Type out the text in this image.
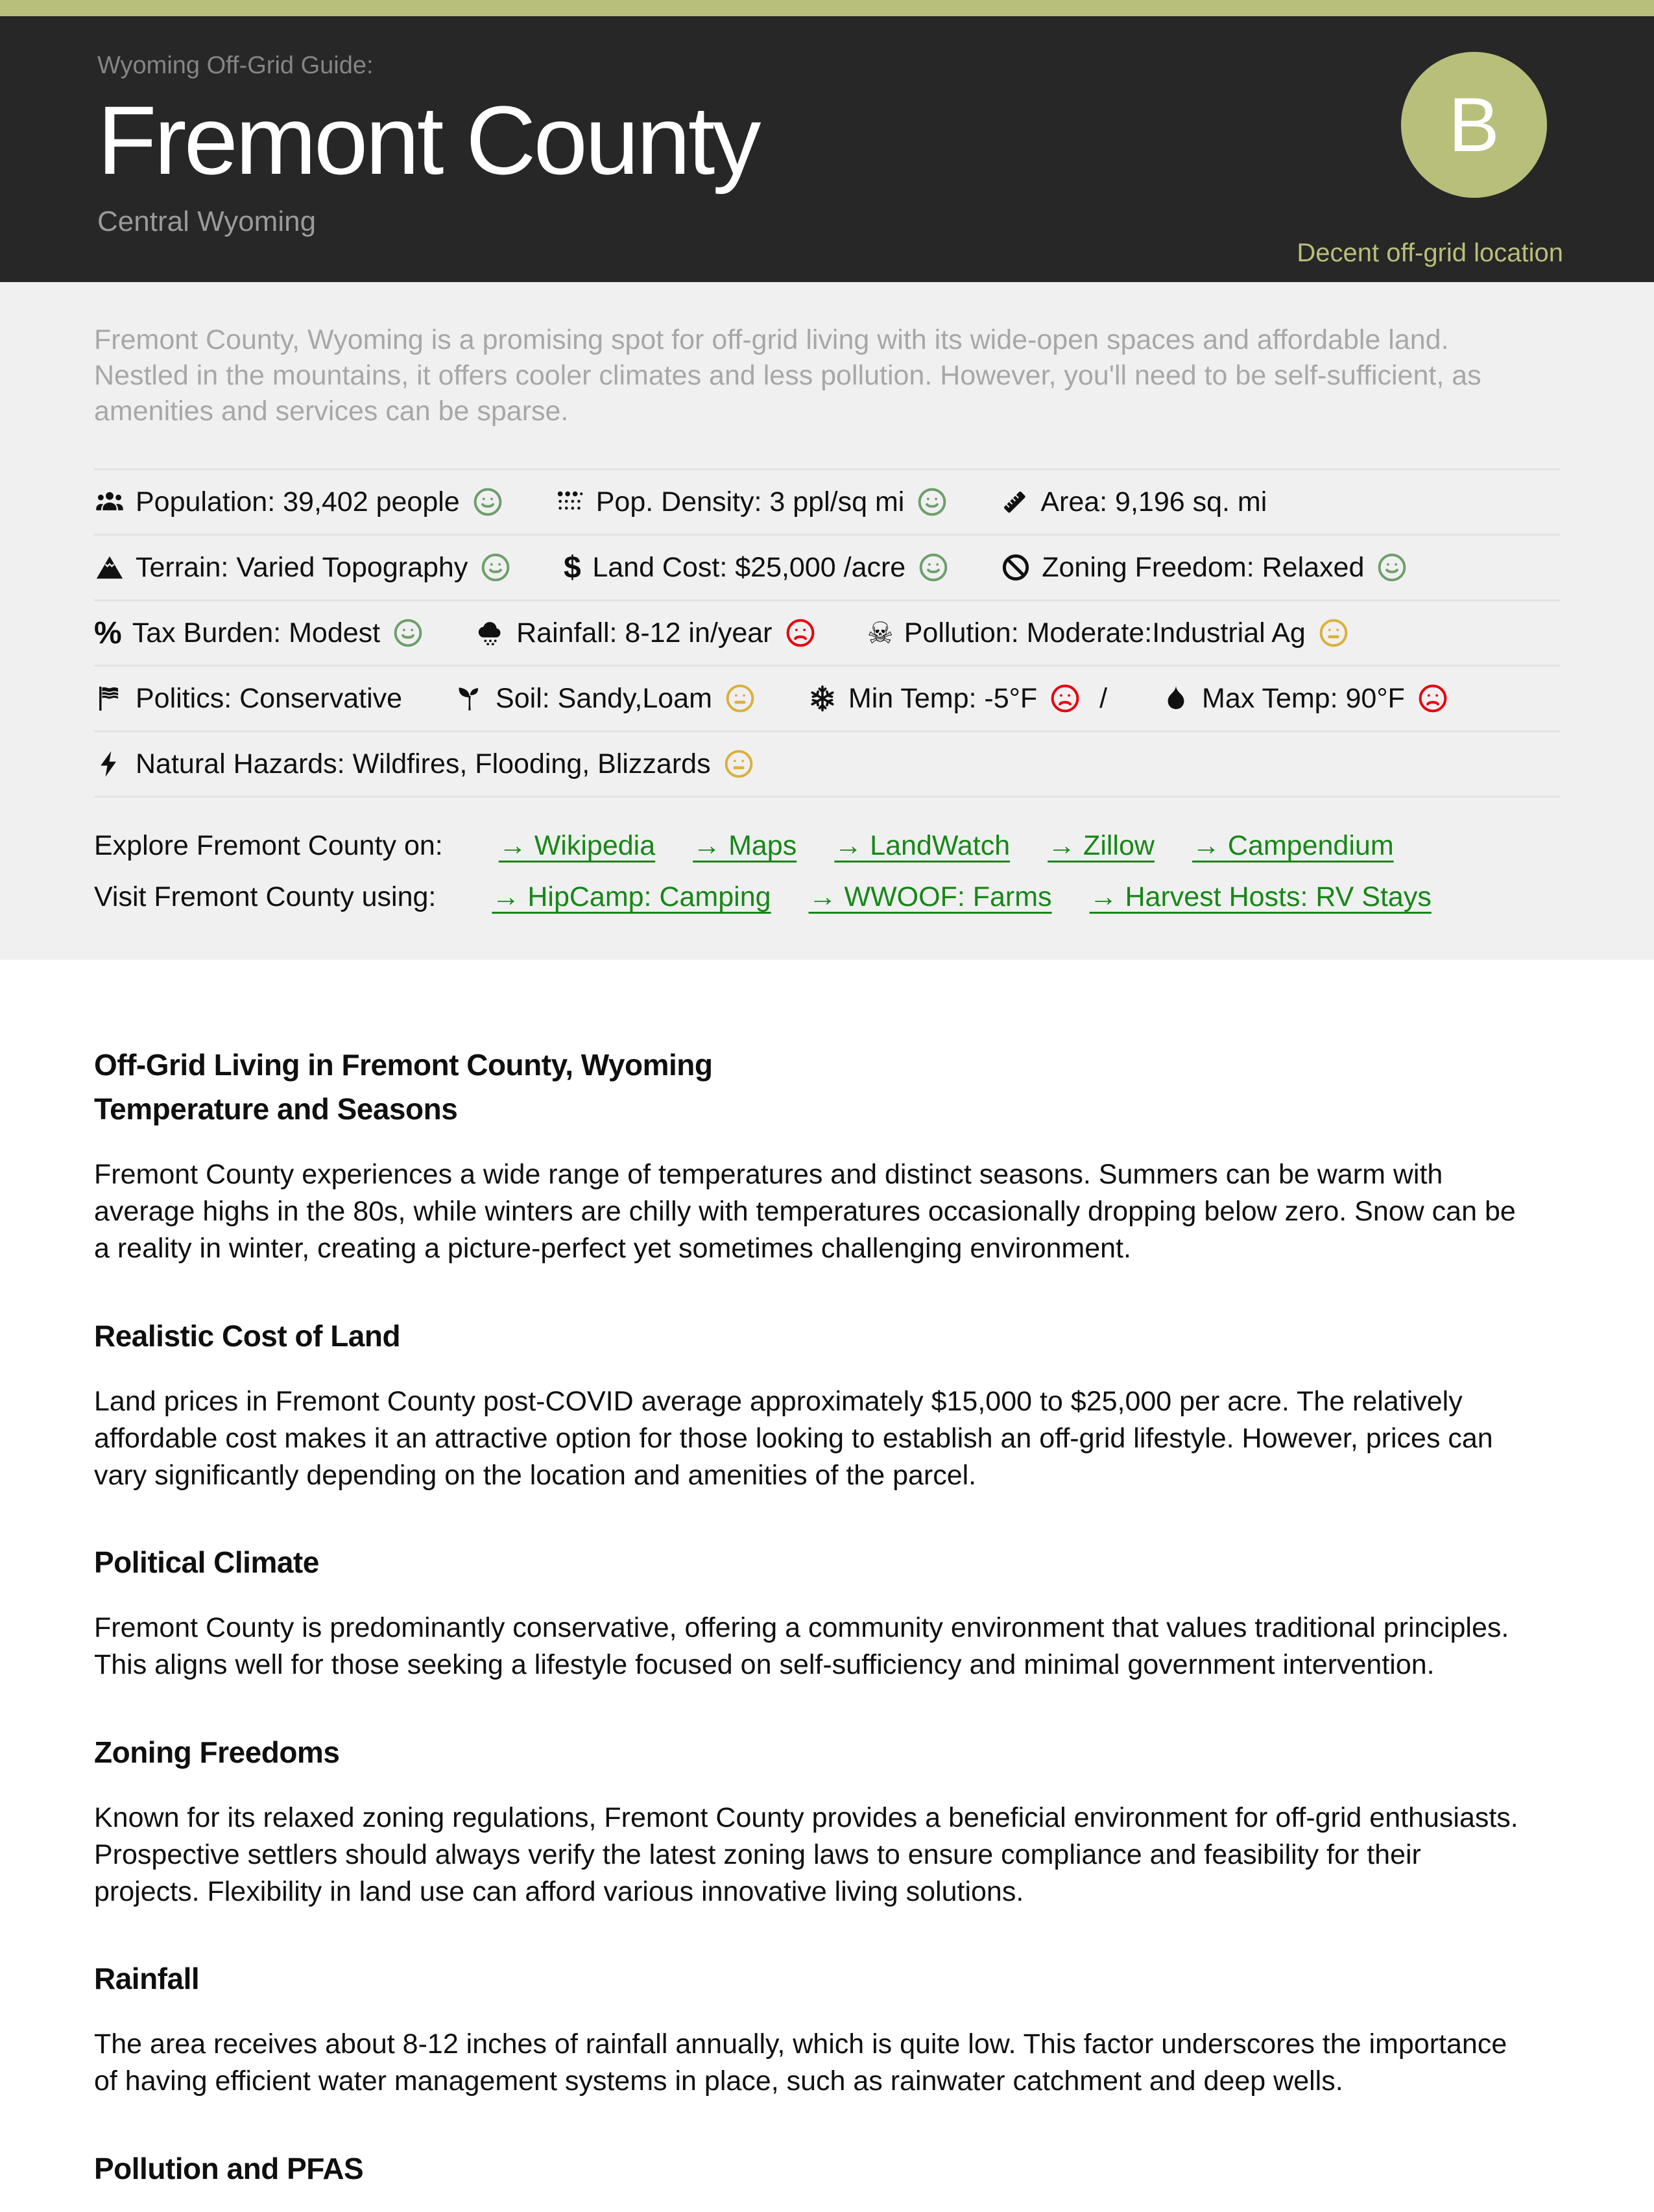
Wyoming Off-Grid Guide:
Fremont County
Central Wyoming
B
Decent off-grid location

Fremont County, Wyoming is a promising spot for off-grid living with its wide-open spaces and affordable land. Nestled in the mountains, it offers cooler climates and less pollution. However, you'll need to be self-sufficient, as amenities and services can be sparse.

Population: 39,402 people	Pop. Density: 3 ppl/sq mi	Area: 9,196 sq. mi
Terrain: Varied Topography	$ Land Cost: $25,000 /acre	Zoning Freedom: Relaxed
% Tax Burden: Modest	Rainfall: 8-12 in/year	☠ Pollution: Moderate:Industrial Ag
Politics: Conservative	Soil: Sandy,Loam	Min Temp: -5°F /	Max Temp: 90°F
Natural Hazards: Wildfires, Flooding, Blizzards
Explore Fremont County on: → Wikipedia → Maps → LandWatch → Zillow → Campendium
Visit Fremont County using: → HipCamp: Camping → WWOOF: Farms → Harvest Hosts: RV Stays
Off-Grid Living in Fremont County, Wyoming
Temperature and Seasons

Fremont County experiences a wide range of temperatures and distinct seasons. Summers can be warm with average highs in the 80s, while winters are chilly with temperatures occasionally dropping below zero. Snow can be a reality in winter, creating a picture-perfect yet sometimes challenging environment.

Realistic Cost of Land

Land prices in Fremont County post-COVID average approximately $15,000 to $25,000 per acre. The relatively affordable cost makes it an attractive option for those looking to establish an off-grid lifestyle. However, prices can vary significantly depending on the location and amenities of the parcel.

Political Climate

Fremont County is predominantly conservative, offering a community environment that values traditional principles. This aligns well for those seeking a lifestyle focused on self-sufficiency and minimal government intervention.

Zoning Freedoms

Known for its relaxed zoning regulations, Fremont County provides a beneficial environment for off-grid enthusiasts. Prospective settlers should always verify the latest zoning laws to ensure compliance and feasibility for their projects. Flexibility in land use can afford various innovative living solutions.

Rainfall

The area receives about 8-12 inches of rainfall annually, which is quite low. This factor underscores the importance of having efficient water management systems in place, such as rainwater catchment and deep wells.

Pollution and PFAS
